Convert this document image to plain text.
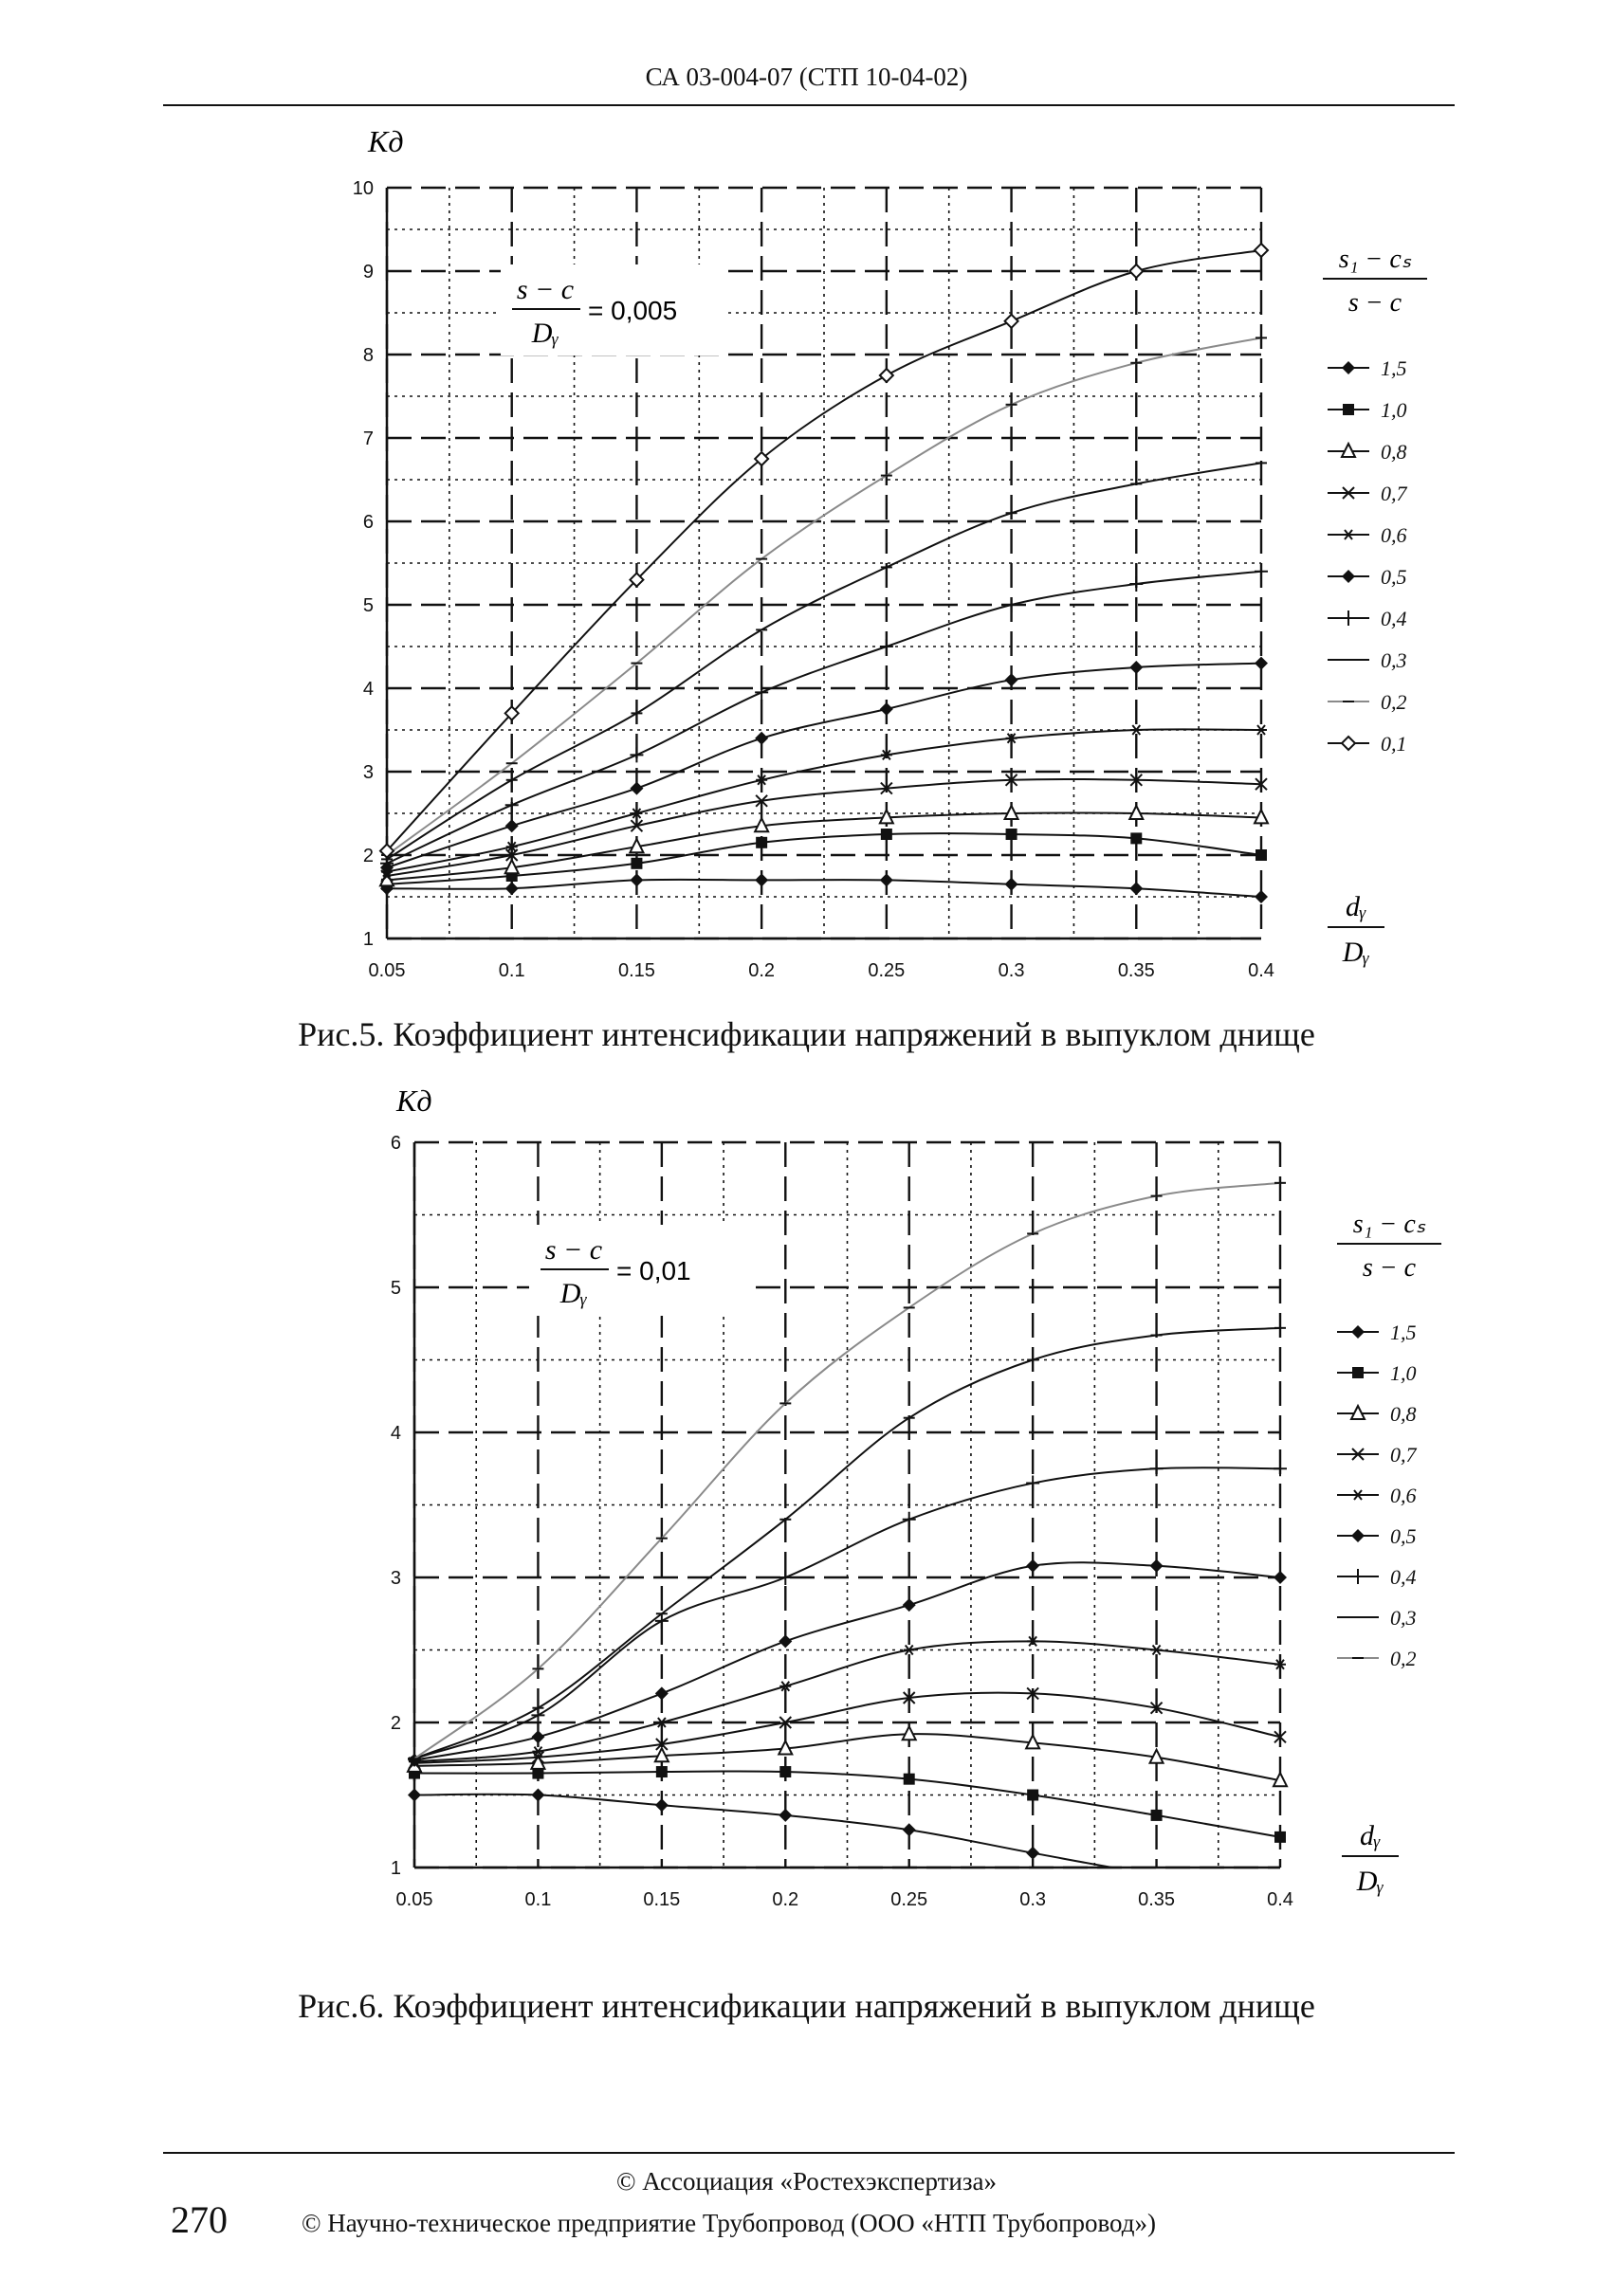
СА 03-004-07 (СТП 10-04-02)
1
2
3
4
5
6
7
8
9
10
0.05	0.1	0.15	0.2	0.25	0.3	0.35	0.4
1,5
1,0
0,8
0,7
0,6
0,5
0,4
0,3
0,2
0,1
s₁ − cₛ
s − c
s − c
Dᵧ
= 0,005
Kд
dᵧ
Dᵧ
Рис.5. Коэффициент интенсификации напряжений в выпуклом днище
1
2
3
4
5
6
0.05	0.1	0.15	0.2	0.25	0.3	0.35	0.4
1,5
1,0
0,8
0,7
0,6
0,5
0,4
0,3
0,2
s₁ − cₛ
s − c
s − c
Dᵧ
= 0,01
Kд
dᵧ
Dᵧ
Рис.6. Коэффициент интенсификации напряжений в выпуклом днище
© Ассоциация «Ростехэкспертиза»
270	© Научно-техническое предприятие Трубопровод (ООО «НТП Трубопровод»)
